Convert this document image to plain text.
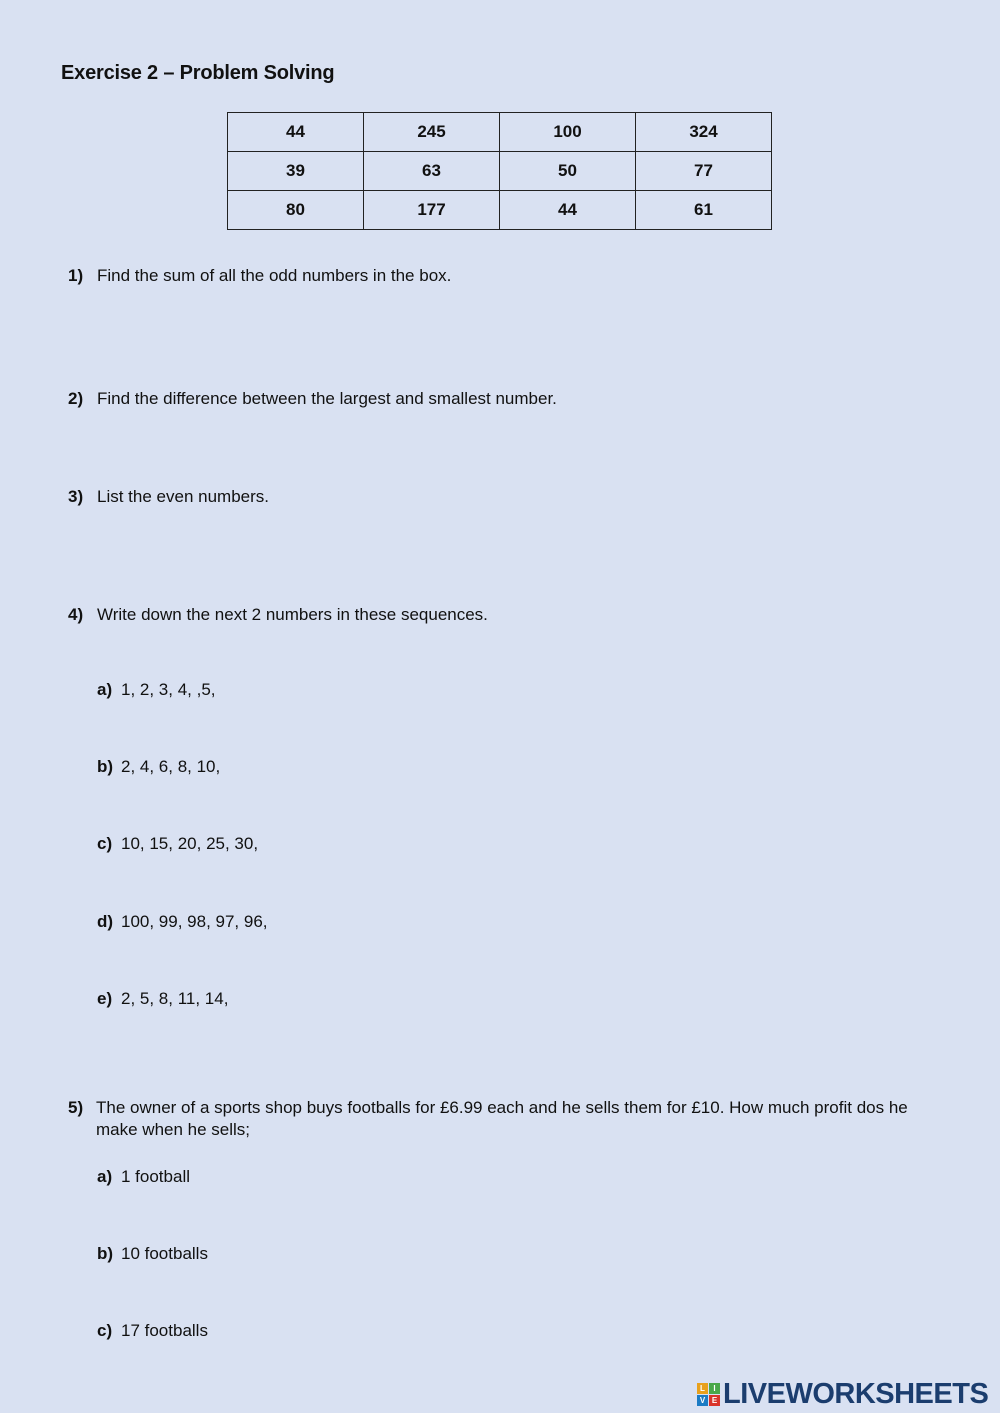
Exercise 2 – Problem Solving
44	245	100	324
39	63	50	77
80	177	44	61
1) Find the sum of all the odd numbers in the box.
2) Find the difference between the largest and smallest number.
3) List the even numbers.
4) Write down the next 2 numbers in these sequences.
a) 1, 2, 3, 4, ,5,
b) 2, 4, 6, 8, 10,
c) 10, 15, 20, 25, 30,
d) 100, 99, 98, 97, 96,
e) 2, 5, 8, 11, 14,
5) The owner of a sports shop buys footballs for £6.99 each and he sells them for £10. How much profit dos he make when he sells;
a) 1 football
b) 10 footballs
c) 17 footballs
L	I
V E LIVEWORKSHEETS
